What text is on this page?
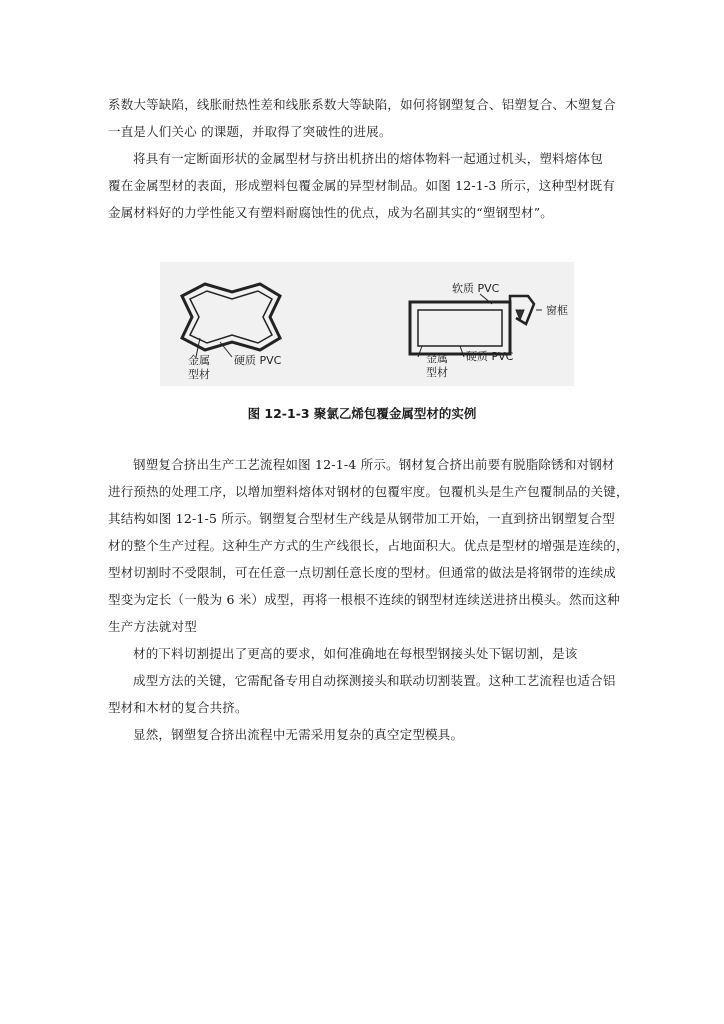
系数大等缺陷，线胀耐热性差和线胀系数大等缺陷，如何将钢塑复合、铝塑复合、木塑复合
一直是人们关心 的课题，并取得了突破性的进展。
将具有一定断面形状的金属型材与挤出机挤出的熔体物料一起通过机头，塑料熔体包
覆在金属型材的表面，形成塑料包覆金属的异型材制品。如图 12-1-3 所示，这种型材既有
金属材料好的力学性能又有塑料耐腐蚀性的优点，成为名副其实的“塑钢型材”。
金属
型材
硬质 PVC
软质 PVC
窗框
金属
型材
硬质 PVC
图 12-1-3 聚氯乙烯包覆金属型材的实例
钢塑复合挤出生产工艺流程如图 12-1-4 所示。钢材复合挤出前要有脱脂除锈和对钢材
进行预热的处理工序，以增加塑料熔体对钢材的包覆牢度。包覆机头是生产包覆制品的关键，
其结构如图 12-1-5 所示。钢塑复合型材生产线是从钢带加工开始，一直到挤出钢塑复合型
材的整个生产过程。这种生产方式的生产线很长，占地面积大。优点是型材的增强是连续的，
型材切割时不受限制，可在任意一点切割任意长度的型材。但通常的做法是将钢带的连续成
型变为定长（一般为 6 米）成型，再将一根根不连续的钢型材连续送进挤出模头。然而这种
生产方法就对型
材的下料切割提出了更高的要求，如何准确地在每根型钢接头处下锯切割，是该
成型方法的关键，它需配备专用自动探测接头和联动切割装置。这种工艺流程也适合铝
型材和木材的复合共挤。
显然，钢塑复合挤出流程中无需采用复杂的真空定型模具。
